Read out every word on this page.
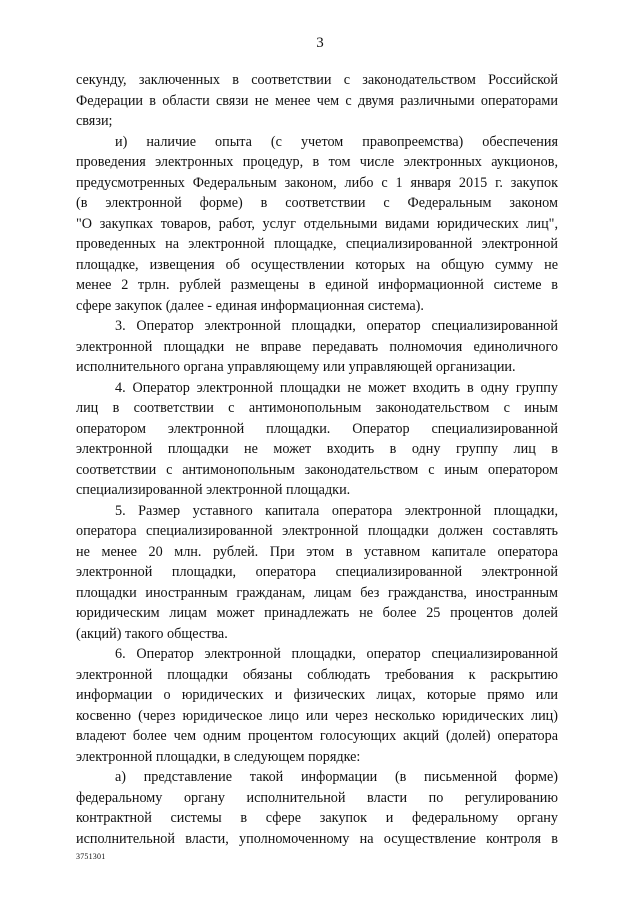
3
секунду, заключенных в соответствии с законодательством Российской
Федерации в области связи не менее чем с двумя различными операторами
связи;
и) наличие опыта (с учетом правопреемства) обеспечения
проведения электронных процедур, в том числе электронных аукционов,
предусмотренных Федеральным законом, либо с 1 января 2015 г. закупок
(в электронной форме) в соответствии с Федеральным законом
"О закупках товаров, работ, услуг отдельными видами юридических лиц",
проведенных на электронной площадке, специализированной электронной
площадке, извещения об осуществлении которых на общую сумму не
менее 2 трлн. рублей размещены в единой информационной системе в
сфере закупок (далее - единая информационная система).
3. Оператор электронной площадки, оператор специализированной
электронной площадки не вправе передавать полномочия единоличного
исполнительного органа управляющему или управляющей организации.
4. Оператор электронной площадки не может входить в одну группу
лиц в соответствии с антимонопольным законодательством с иным
оператором электронной площадки. Оператор специализированной
электронной площадки не может входить в одну группу лиц в
соответствии с антимонопольным законодательством с иным оператором
специализированной электронной площадки.
5. Размер уставного капитала оператора электронной площадки,
оператора специализированной электронной площадки должен составлять
не менее 20 млн. рублей. При этом в уставном капитале оператора
электронной площадки, оператора специализированной электронной
площадки иностранным гражданам, лицам без гражданства, иностранным
юридическим лицам может принадлежать не более 25 процентов долей
(акций) такого общества.
6. Оператор электронной площадки, оператор специализированной
электронной площадки обязаны соблюдать требования к раскрытию
информации о юридических и физических лицах, которые прямо или
косвенно (через юридическое лицо или через несколько юридических лиц)
владеют более чем одним процентом голосующих акций (долей) оператора
электронной площадки, в следующем порядке:
а) представление такой информации (в письменной форме)
федеральному органу исполнительной власти по регулированию
контрактной системы в сфере закупок и федеральному органу
исполнительной власти, уполномоченному на осуществление контроля в
3751301
